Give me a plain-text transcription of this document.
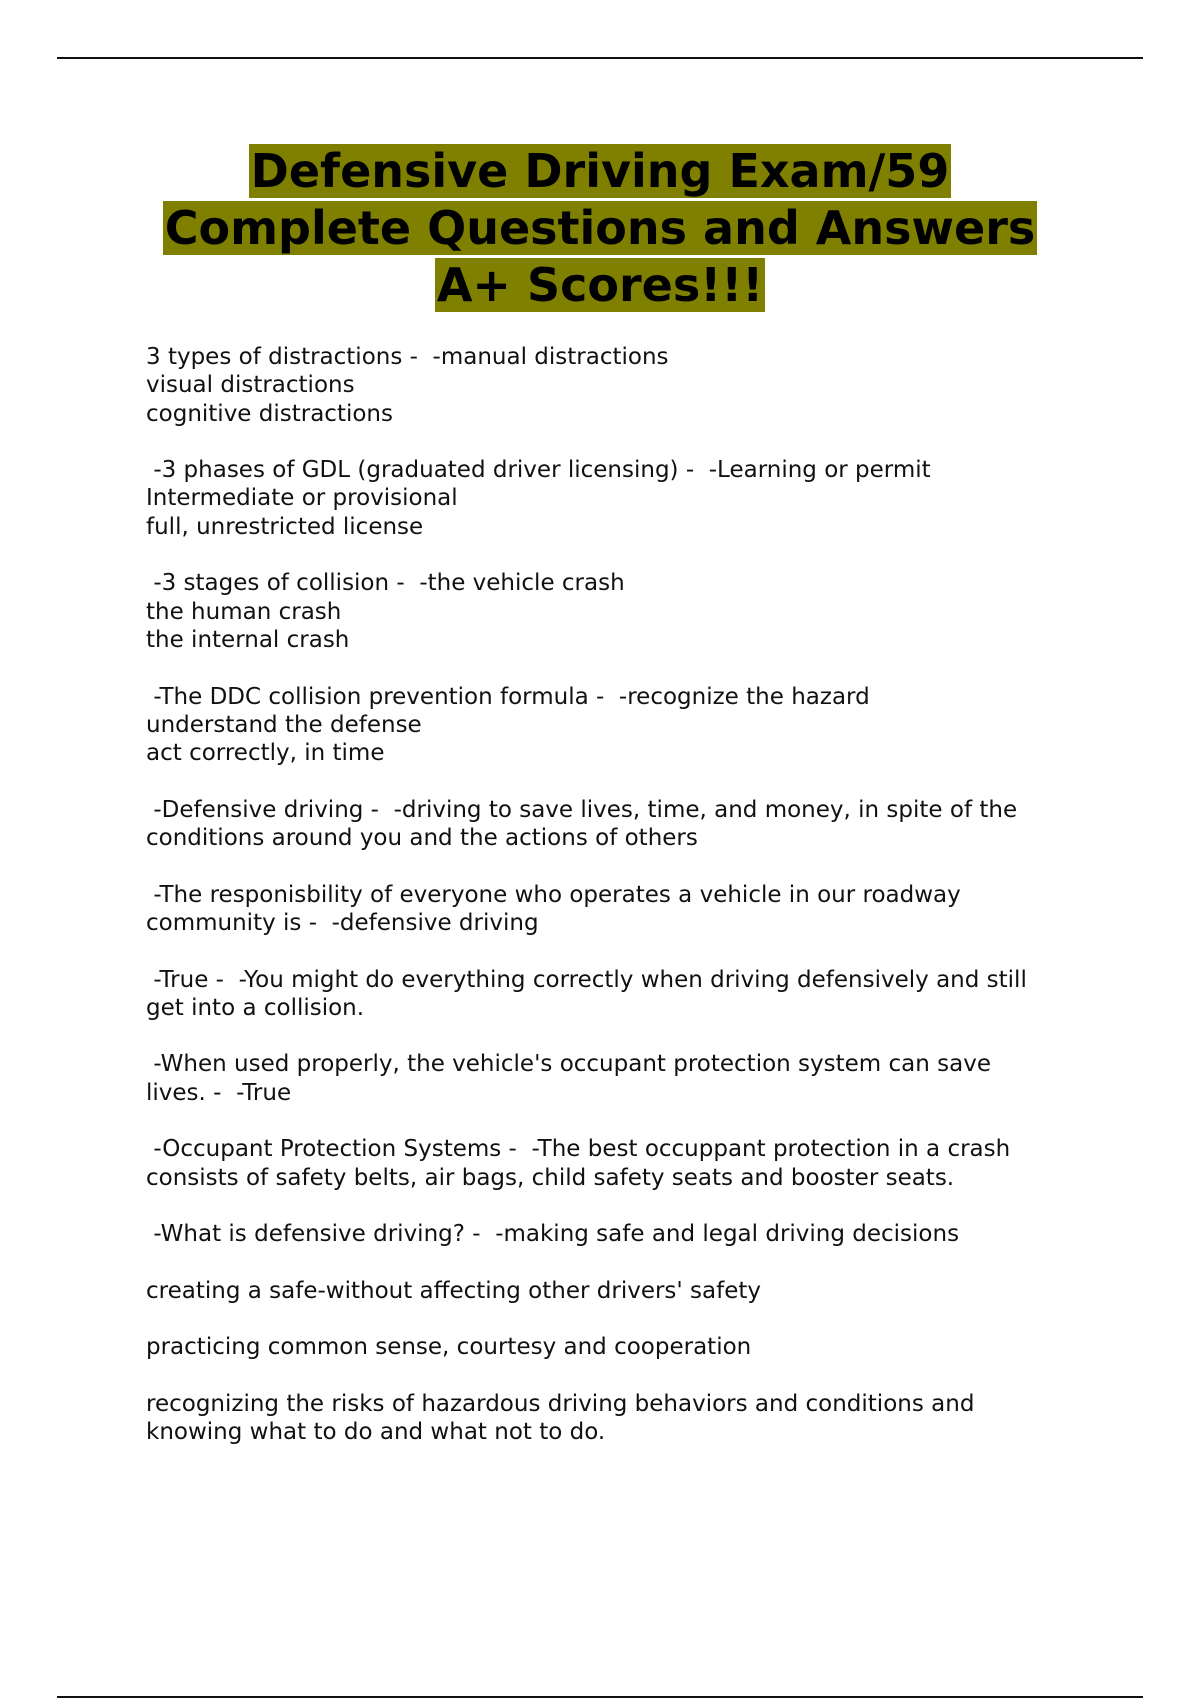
Defensive Driving Exam/59

Complete Questions and Answers

A+ Scores!!!

3 types of distractions -  -manual distractions
visual distractions
cognitive distractions

-3 phases of GDL (graduated driver licensing) -  -Learning or permit
Intermediate or provisional
full, unrestricted license

-3 stages of collision -  -the vehicle crash
the human crash
the internal crash

-The DDC collision prevention formula -  -recognize the hazard
understand the defense
act correctly, in time

-Defensive driving -  -driving to save lives, time, and money, in spite of the
conditions around you and the actions of others

-The responisbility of everyone who operates a vehicle in our roadway
community is -  -defensive driving

-True -  -You might do everything correctly when driving defensively and still
get into a collision.

-When used properly, the vehicle's occupant protection system can save
lives. -  -True

-Occupant Protection Systems -  -The best occuppant protection in a crash
consists of safety belts, air bags, child safety seats and booster seats.

-What is defensive driving? -  -making safe and legal driving decisions

creating a safe-without affecting other drivers' safety

practicing common sense, courtesy and cooperation

recognizing the risks of hazardous driving behaviors and conditions and
knowing what to do and what not to do.
